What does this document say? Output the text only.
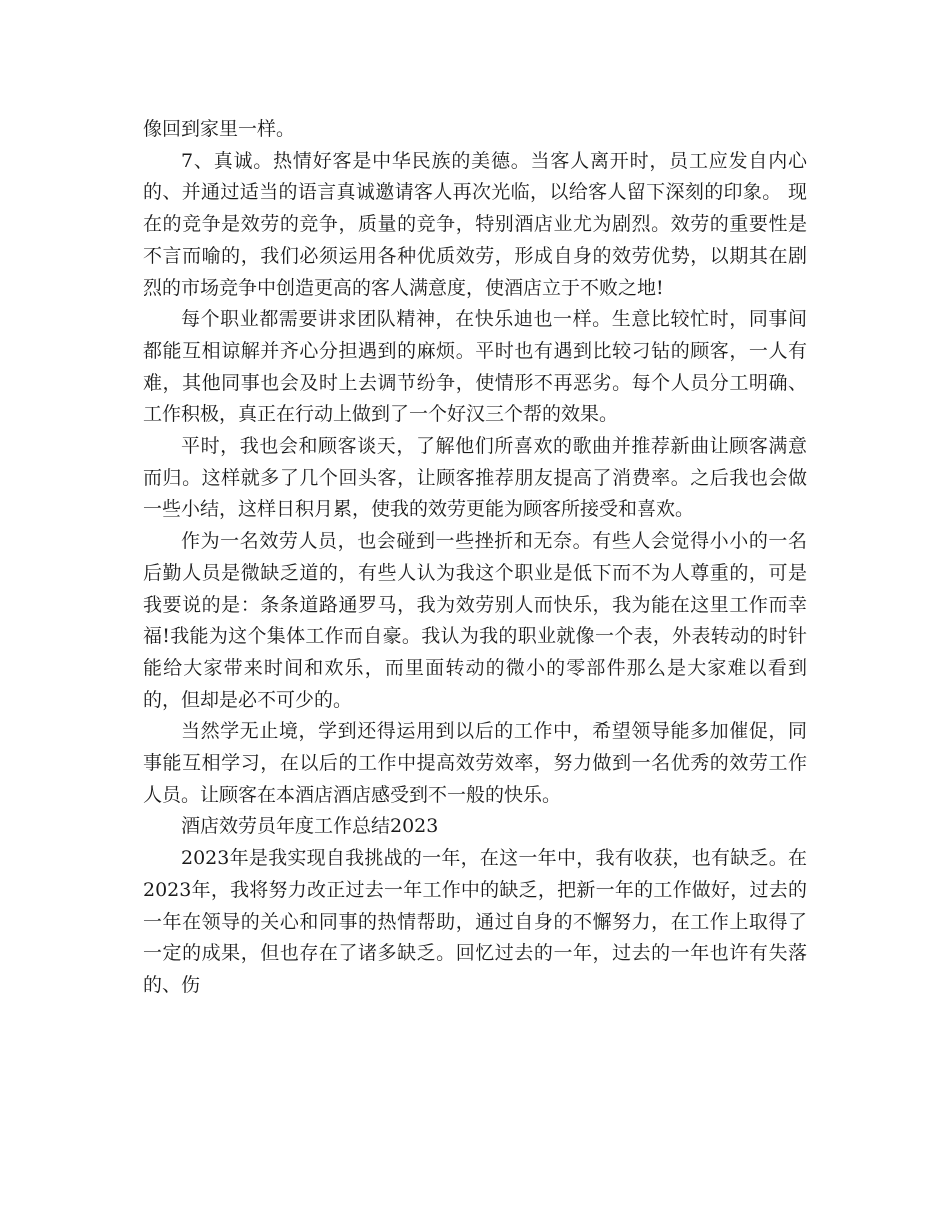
像回到家里一样。

7、真诚。热情好客是中华民族的美德。当客人离开时，员工应发自内心的、并通过适当的语言真诚邀请客人再次光临，以给客人留下深刻的印象。 现在的竞争是效劳的竞争，质量的竞争，特别酒店业尤为剧烈。效劳的重要性是不言而喻的，我们必须运用各种优质效劳，形成自身的效劳优势，以期其在剧烈的市场竞争中创造更高的客人满意度，使酒店立于不败之地!

每个职业都需要讲求团队精神，在快乐迪也一样。生意比较忙时，同事间都能互相谅解并齐心分担遇到的麻烦。平时也有遇到比较刁钻的顾客，一人有难，其他同事也会及时上去调节纷争，使情形不再恶劣。每个人员分工明确、工作积极，真正在行动上做到了一个好汉三个帮的效果。

平时，我也会和顾客谈天，了解他们所喜欢的歌曲并推荐新曲让顾客满意而归。这样就多了几个回头客，让顾客推荐朋友提高了消费率。之后我也会做一些小结，这样日积月累，使我的效劳更能为顾客所接受和喜欢。

作为一名效劳人员，也会碰到一些挫折和无奈。有些人会觉得小小的一名后勤人员是微缺乏道的，有些人认为我这个职业是低下而不为人尊重的，可是我要说的是：条条道路通罗马，我为效劳别人而快乐，我为能在这里工作而幸福!我能为这个集体工作而自豪。我认为我的职业就像一个表，外表转动的时针能给大家带来时间和欢乐，而里面转动的微小的零部件那么是大家难以看到的，但却是必不可少的。

当然学无止境，学到还得运用到以后的工作中，希望领导能多加催促，同事能互相学习，在以后的工作中提高效劳效率，努力做到一名优秀的效劳工作人员。让顾客在本酒店酒店感受到不一般的快乐。

酒店效劳员年度工作总结2023

2023年是我实现自我挑战的一年，在这一年中，我有收获，也有缺乏。在2023年，我将努力改正过去一年工作中的缺乏，把新一年的工作做好，过去的一年在领导的关心和同事的热情帮助，通过自身的不懈努力，在工作上取得了一定的成果，但也存在了诸多缺乏。回忆过去的一年，过去的一年也许有失落的、伤
